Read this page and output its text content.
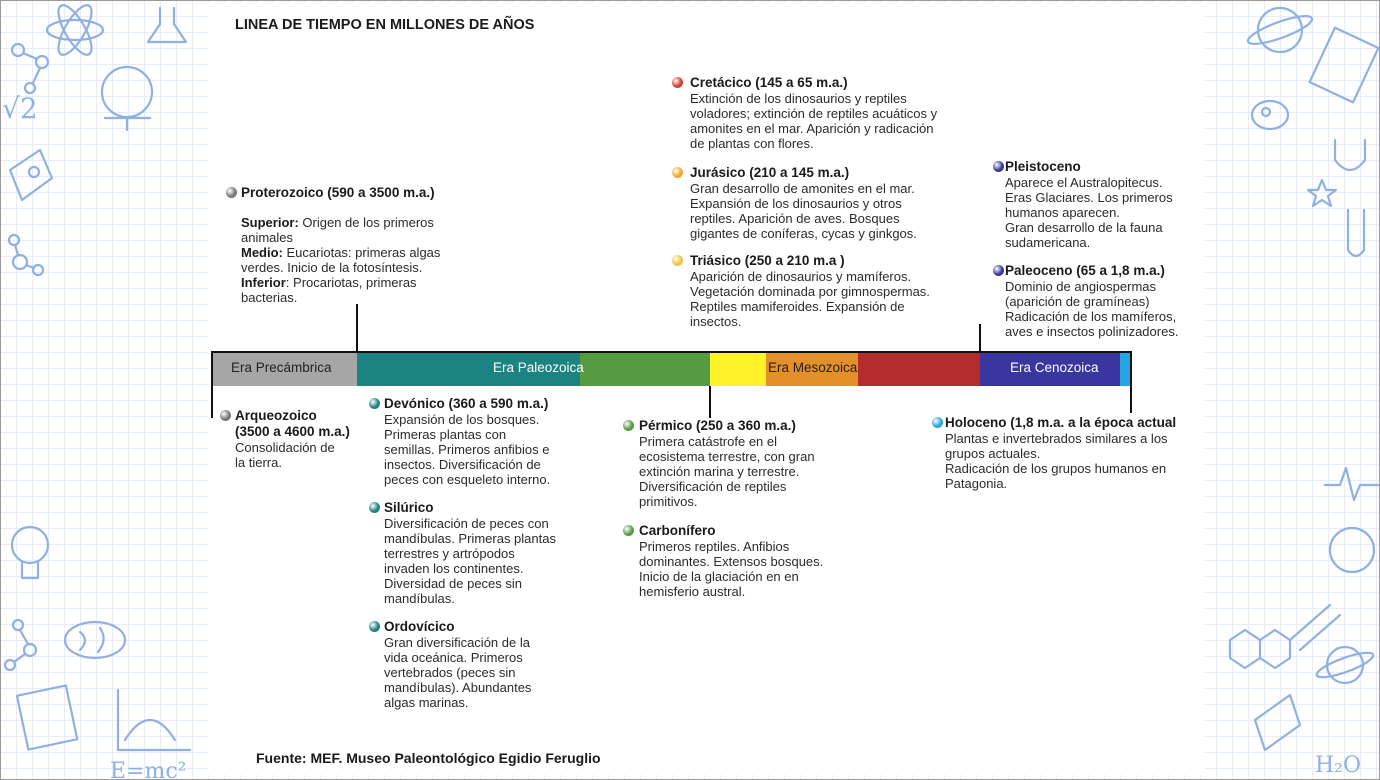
√2
E=mc²	H₂O
LINEA DE TIEMPO EN MILLONES DE AÑOS
Era Precámbrica	Era Paleozoica	Era Mesozoica	Era Cenozoica
Proterozoico (590 a 3500 m.a.)
Superior: Origen de los primeros animales
Medio: Eucariotas: primeras algas verdes. Inicio de la fotosíntesis.
Inferior: Procariotas, primeras bacterias.
Arqueozoico (3500 a 4600 m.a.)
Consolidación de
la tierra.
Devónico (360 a 590 m.a.)
Expansión de los bosques.
Primeras plantas con
semillas. Primeros anfibios e
insectos. Diversificación de
peces con esqueleto interno.
Silúrico
Diversificación de peces con
mandíbulas. Primeras plantas
terrestres y artrópodos
invaden los continentes.
Diversidad de peces sin
mandíbulas.
Ordovícico
Gran diversificación de la
vida oceánica. Primeros
vertebrados (peces sin
mandíbulas). Abundantes
algas marinas.
Pérmico (250 a 360 m.a.)
Primera catástrofe en el
ecosistema terrestre, con gran
extinción marina y terrestre.
Diversificación de reptiles
primitivos.
Carbonífero
Primeros reptiles. Anfibios
dominantes. Extensos bosques.
Inicio de la glaciación en en
hemisferio austral.
Cretácico (145 a 65 m.a.)
Extinción de los dinosaurios y reptiles
voladores; extinción de reptiles acuáticos y
amonites en el mar. Aparición y radicación
de plantas con flores.
Jurásico (210 a 145 m.a.)
Gran desarrollo de amonites en el mar.
Expansión de los dinosaurios y otros
reptiles. Aparición de aves. Bosques
gigantes de coníferas, cycas y ginkgos.
Triásico (250 a 210 m.a )
Aparición de dinosaurios y mamíferos.
Vegetación dominada por gimnospermas.
Reptiles mamiferoides. Expansión de
insectos.
Pleistoceno
Aparece el Australopitecus.
Eras Glaciares. Los primeros
humanos aparecen.
Gran desarrollo de la fauna
sudamericana.
Paleoceno (65 a 1,8 m.a.)
Dominio de angiospermas
(aparición de gramíneas)
Radicación de los mamíferos,
aves e insectos polinizadores.
Holoceno (1,8 m.a. a la época actual
Plantas e invertebrados similares a los
grupos actuales.
Radicación de los grupos humanos en
Patagonia.
Fuente: MEF. Museo Paleontológico Egidio Feruglio
